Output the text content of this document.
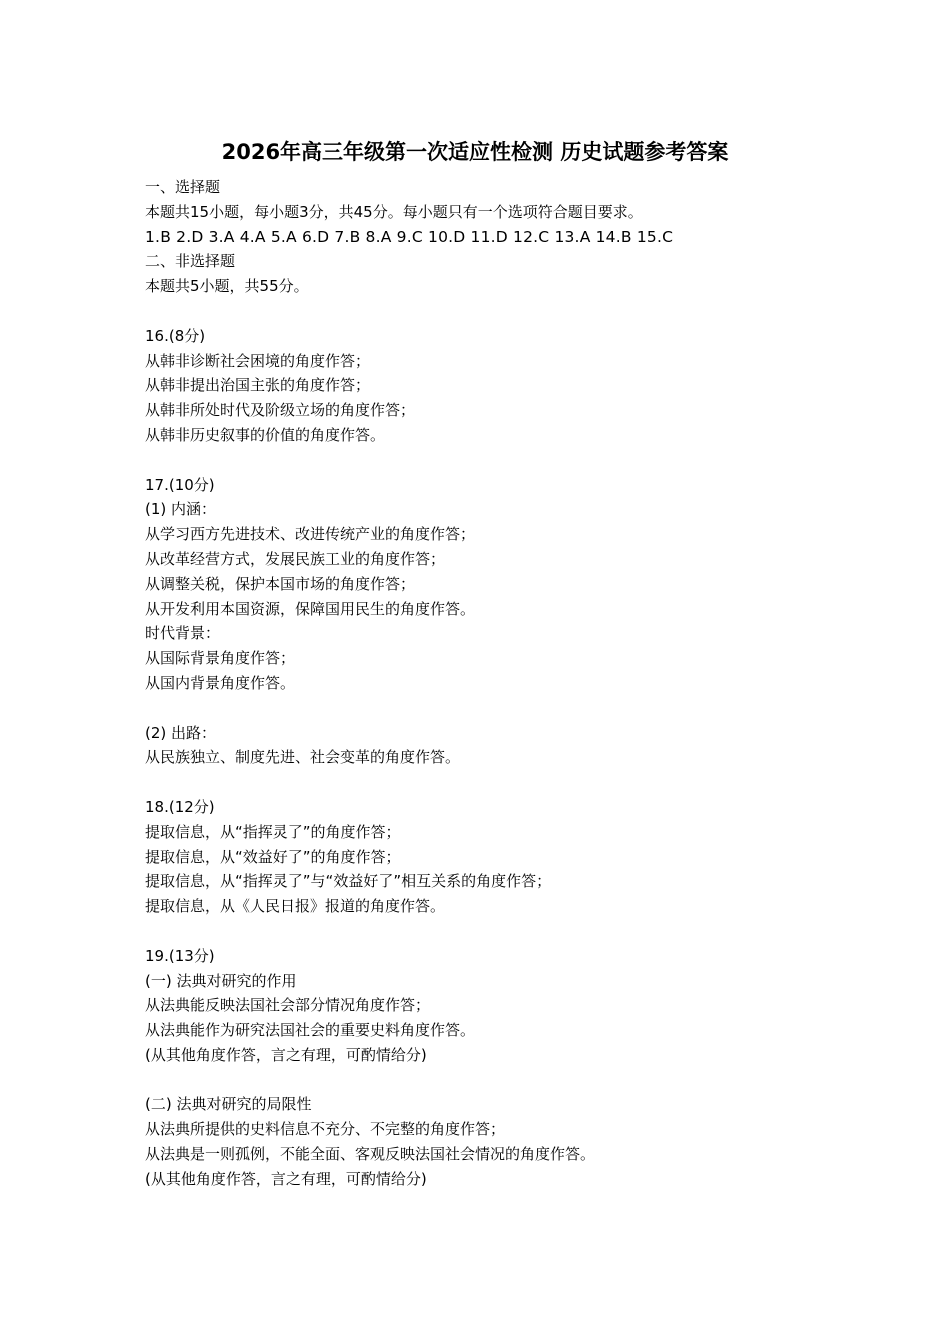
2026年高三年级第一次适应性检测 历史试题参考答案
一、选择题
本题共15小题，每小题3分，共45分。每小题只有一个选项符合题目要求。
1.B 2.D 3.A 4.A 5.A 6.D 7.B 8.A 9.C 10.D 11.D 12.C 13.A 14.B 15.C
二、非选择题
本题共5小题，共55分。
16.(8分)
从韩非诊断社会困境的角度作答；
从韩非提出治国主张的角度作答；
从韩非所处时代及阶级立场的角度作答；
从韩非历史叙事的价值的角度作答。
17.(10分)
(1) 内涵：
从学习西方先进技术、改进传统产业的角度作答；
从改革经营方式，发展民族工业的角度作答；
从调整关税，保护本国市场的角度作答；
从开发利用本国资源，保障国用民生的角度作答。
时代背景：
从国际背景角度作答；
从国内背景角度作答。
(2) 出路：
从民族独立、制度先进、社会变革的角度作答。
18.(12分)
提取信息，从“指挥灵了”的角度作答；
提取信息，从“效益好了”的角度作答；
提取信息，从“指挥灵了”与“效益好了”相互关系的角度作答；
提取信息，从《人民日报》报道的角度作答。
19.(13分)
(一) 法典对研究的作用
从法典能反映法国社会部分情况角度作答；
从法典能作为研究法国社会的重要史料角度作答。
(从其他角度作答，言之有理，可酌情给分)
(二) 法典对研究的局限性
从法典所提供的史料信息不充分、不完整的角度作答；
从法典是一则孤例，不能全面、客观反映法国社会情况的角度作答。
(从其他角度作答，言之有理，可酌情给分)
